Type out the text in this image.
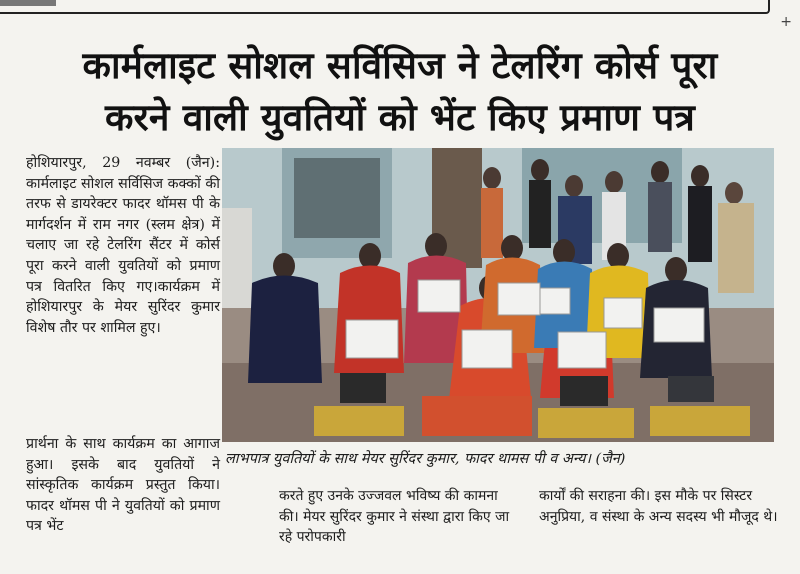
+
कार्मलाइट सोशल सर्विसिज ने टेलरिंग कोर्स पूरा
करने वाली युवतियों को भेंट किए प्रमाण पत्र

होशियारपुर, 29 नवम्बर (जैन): कार्मलाइट सोशल सर्विसिज कक्कों की तरफ से डायरेक्टर फादर थॉमस पी के मार्गदर्शन में राम नगर (स्लम क्षेत्र) में चलाए जा रहे टेलरिंग सैंटर में कोर्स पूरा करने वाली युवतियों को प्रमाण पत्र वितरित किए गए।कार्यक्रम में होशियारपुर के मेयर सुरिंदर कुमार विशेष तौर पर शामिल हुए।

प्रार्थना के साथ कार्यक्रम का आगाज हुआ। इसके बाद युवतियों ने सांस्कृतिक कार्यक्रम प्रस्तुत किया। फादर थॉमस पी ने युवतियों को प्रमाण पत्र भेंट

लाभपात्र युवतियों के साथ मेयर सुरिंदर कुमार, फादर थामस पी व अन्य। (जैन)
करते हुए उनके उज्जवल भविष्य की कामना की। मेयर सुरिंदर कुमार ने संस्था द्वारा किए जा रहे परोपकारी
कार्यों की सराहना की। इस मौके पर सिस्टर अनुप्रिया, व संस्था के अन्य सदस्य भी मौजूद थे।
